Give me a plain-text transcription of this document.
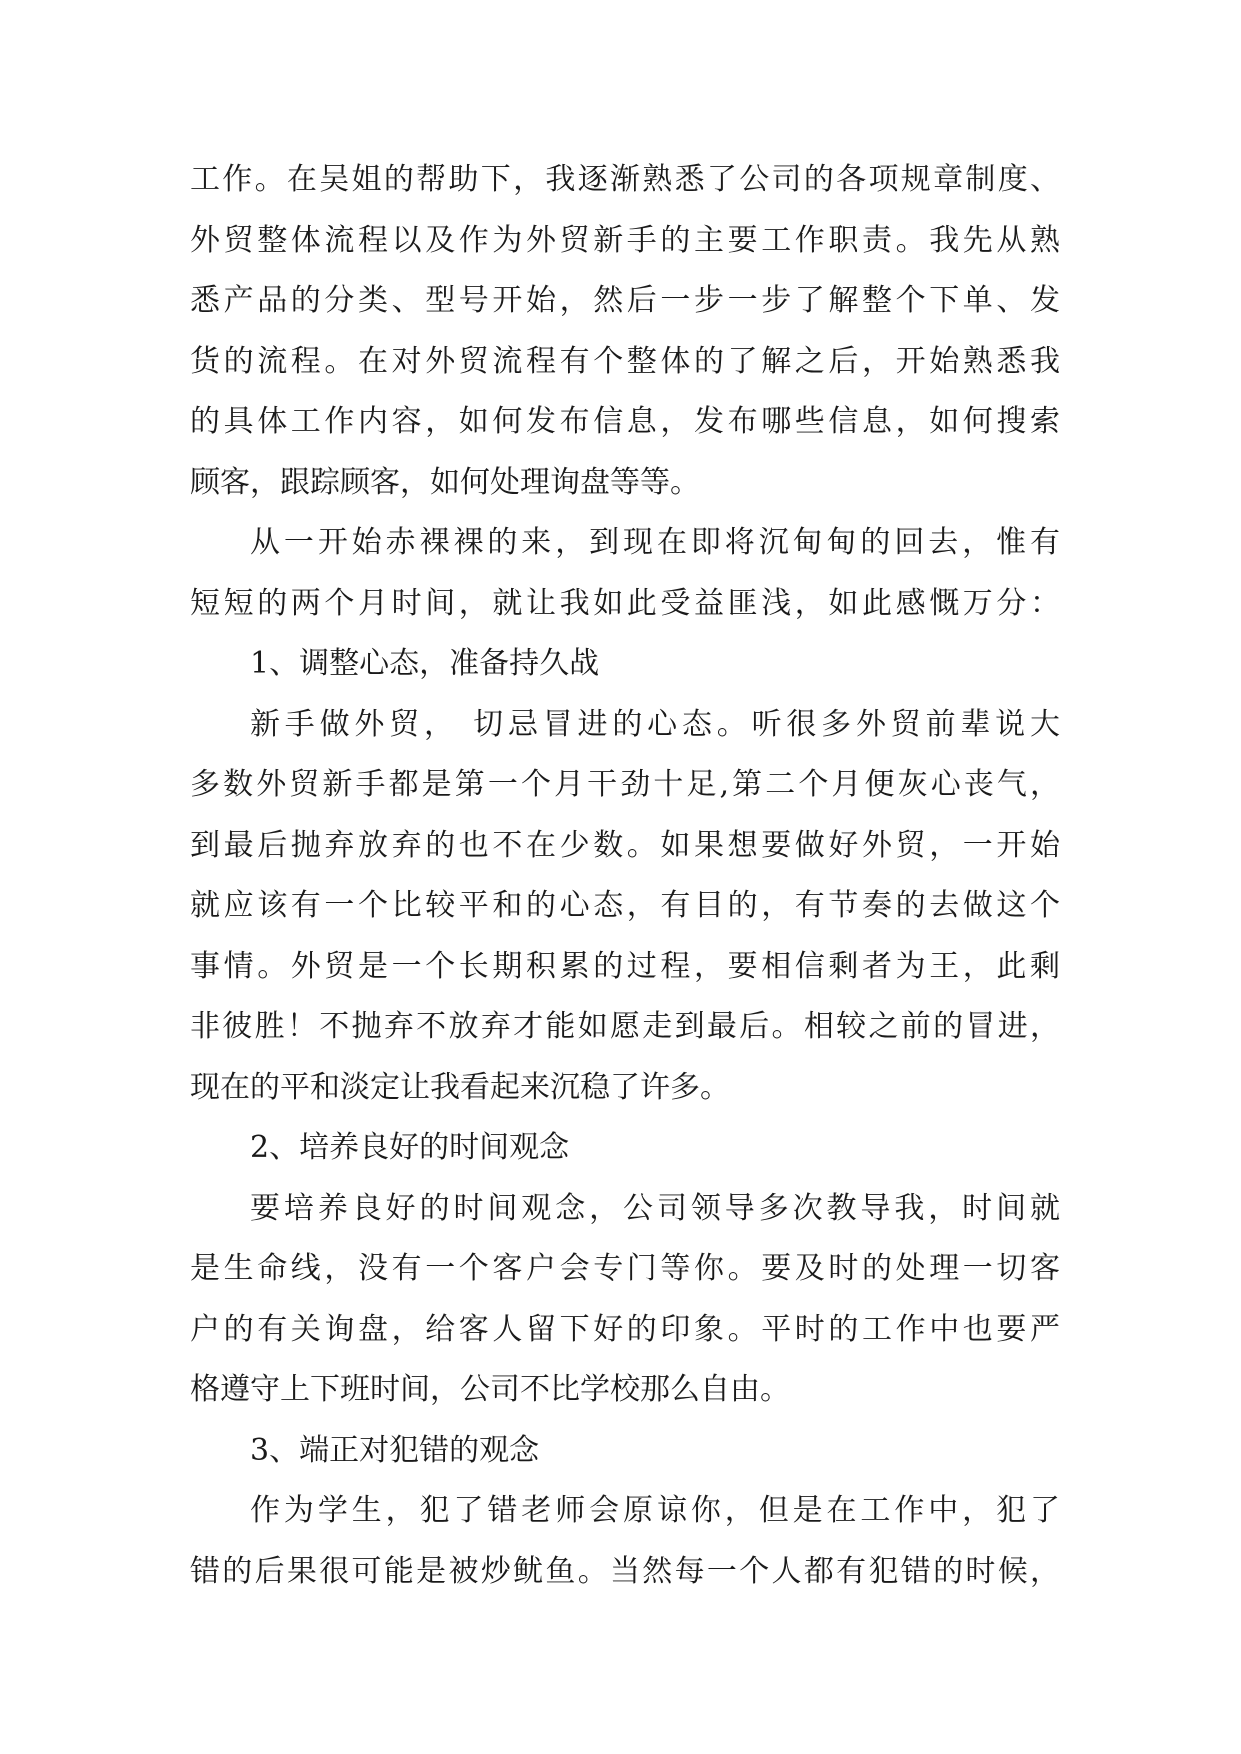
工作。在吴姐的帮助下，我逐渐熟悉了公司的各项规章制度、
外贸整体流程以及作为外贸新手的主要工作职责。我先从熟
悉产品的分类、型号开始，然后一步一步了解整个下单、发
货的流程。在对外贸流程有个整体的了解之后，开始熟悉我
的具体工作内容，如何发布信息，发布哪些信息，如何搜索
顾客，跟踪顾客，如何处理询盘等等。
从一开始赤裸裸的来，到现在即将沉甸甸的回去，惟有
短短的两个月时间，就让我如此受益匪浅，如此感慨万分：
1、调整心态，准备持久战
新手做外贸， 切忌冒进的心态。听很多外贸前辈说大
多数外贸新手都是第一个月干劲十足,第二个月便灰心丧气，
到最后抛弃放弃的也不在少数。如果想要做好外贸，一开始
就应该有一个比较平和的心态，有目的，有节奏的去做这个
事情。外贸是一个长期积累的过程，要相信剩者为王，此剩
非彼胜！不抛弃不放弃才能如愿走到最后。相较之前的冒进，
现在的平和淡定让我看起来沉稳了许多。
2、培养良好的时间观念
要培养良好的时间观念，公司领导多次教导我，时间就
是生命线，没有一个客户会专门等你。要及时的处理一切客
户的有关询盘，给客人留下好的印象。平时的工作中也要严
格遵守上下班时间，公司不比学校那么自由。
3、端正对犯错的观念
作为学生，犯了错老师会原谅你，但是在工作中，犯了
错的后果很可能是被炒鱿鱼。当然每一个人都有犯错的时候，
